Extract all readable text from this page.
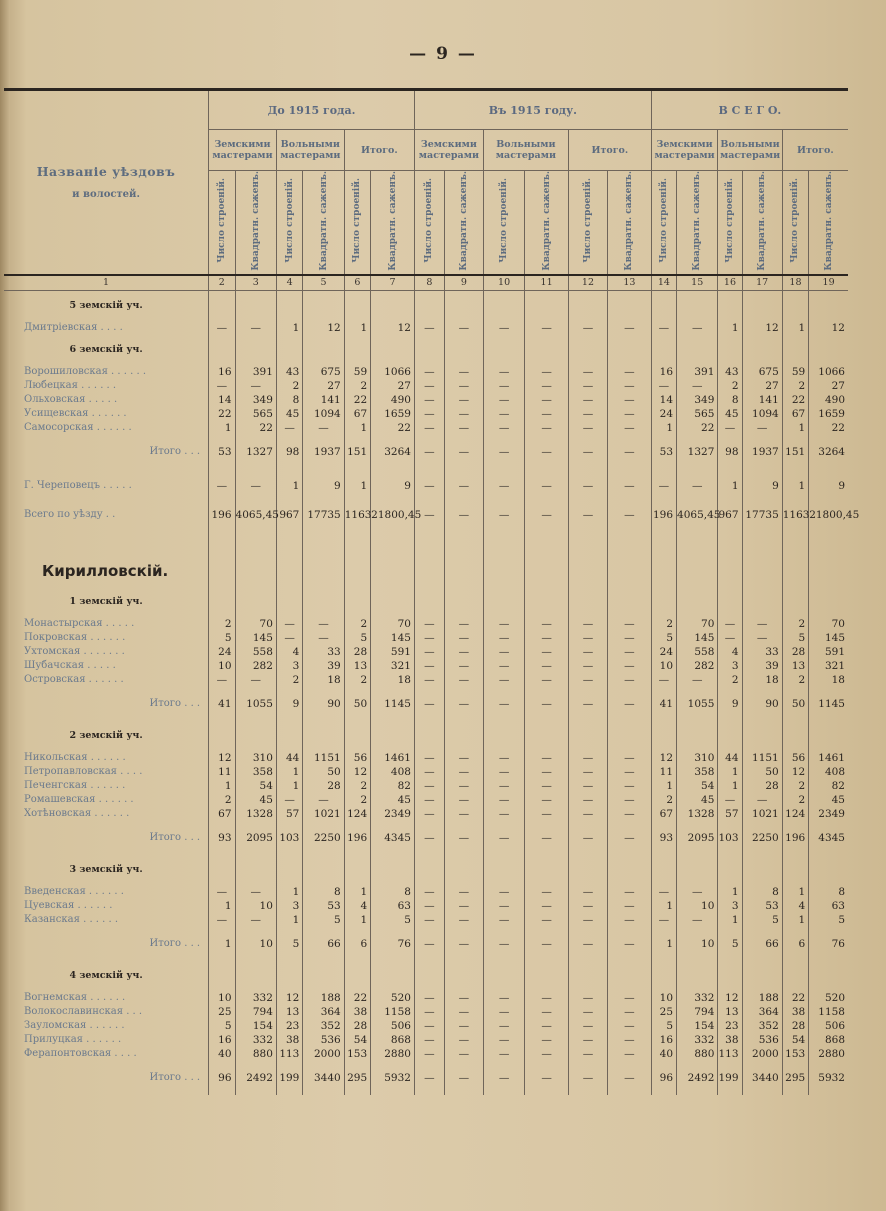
— 9 —
Названіе уѣздовъ
и волостей.	До 1915 года.						Въ 1915 году.						В С Е Г О.					
	Земскими мастерами		Вольными мастерами		Итого.		Земскими мастерами		Вольными мастерами		Итого.		Земскими мастерами		Вольными мастерами		Итого.	
	Число строеній.	Квадратн. саженъ.	Число строеній.	Квадратн. саженъ.	Число строеній.	Квадратн. саженъ.	Число строеній.	Квадратн. саженъ.	Число строеній.	Квадратн. саженъ.	Число строеній.	Квадратн. саженъ.	Число строеній.	Квадратн. саженъ.	Число строеній.	Квадратн. саженъ.	Число строеній.	Квадратн. саженъ.
1	2	3	4	5	6	7	8	9	10	11	12	13	14	15	16	17	18	19
5 земскій уч.																		
Дмитріевская . . . .	—	—	1	12	1	12	—	—	—	—	—	—	—	—	1	12	1	12
6 земскій уч.																		
Ворошиловская . . . . . .	16	391	43	675	59	1066	—	—	—	—	—	—	16	391	43	675	59	1066
Любецкая . . . . . .	—	—	2	27	2	27	—	—	—	—	—	—	—	—	2	27	2	27
Ольховская . . . . .	14	349	8	141	22	490	—	—	—	—	—	—	14	349	8	141	22	490
Усищевская . . . . . .	22	565	45	1094	67	1659	—	—	—	—	—	—	24	565	45	1094	67	1659
Самосорская . . . . . .	1	22	—	—	1	22	—	—	—	—	—	—	1	22	—	—	1	22
Итого . . .	53	1327	98	1937	151	3264	—	—	—	—	—	—	53	1327	98	1937	151	3264

Г. Череповецъ . . . . .	—	—	1	9	1	9	—	—	—	—	—	—	—	—	1	9	1	9

Всего по уѣзду . .	196	4065,45	967	17735	1163	21800,45	—	—	—	—	—	—	196	4065,45	967	17735	1163	21800,45
Кирилловскій.																		
1 земскій уч.																		
Монастырская . . . . .	2	70	—	—	2	70	—	—	—	—	—	—	2	70	—	—	2	70
Покровская . . . . . .	5	145	—	—	5	145	—	—	—	—	—	—	5	145	—	—	5	145
Ухтомская . . . . . . .	24	558	4	33	28	591	—	—	—	—	—	—	24	558	4	33	28	591
Шубачская . . . . .	10	282	3	39	13	321	—	—	—	—	—	—	10	282	3	39	13	321
Островская . . . . . .	—	—	2	18	2	18	—	—	—	—	—	—	—	—	2	18	2	18
Итого . . .	41	1055	9	90	50	1145	—	—	—	—	—	—	41	1055	9	90	50	1145
2 земскій уч.																		
Никольская . . . . . .	12	310	44	1151	56	1461	—	—	—	—	—	—	12	310	44	1151	56	1461
Петропавловская . . . .	11	358	1	50	12	408	—	—	—	—	—	—	11	358	1	50	12	408
Печенгская . . . . . .	1	54	1	28	2	82	—	—	—	—	—	—	1	54	1	28	2	82
Ромашевская . . . . . .	2	45	—	—	2	45	—	—	—	—	—	—	2	45	—	—	2	45
Хотѣновская . . . . . .	67	1328	57	1021	124	2349	—	—	—	—	—	—	67	1328	57	1021	124	2349
Итого . . .	93	2095	103	2250	196	4345	—	—	—	—	—	—	93	2095	103	2250	196	4345
3 земскій уч.																		
Введенская . . . . . .	—	—	1	8	1	8	—	—	—	—	—	—	—	—	1	8	1	8
Цуевская . . . . . .	1	10	3	53	4	63	—	—	—	—	—	—	1	10	3	53	4	63
Казанская . . . . . .	—	—	1	5	1	5	—	—	—	—	—	—	—	—	1	5	1	5
Итого . . .	1	10	5	66	6	76	—	—	—	—	—	—	1	10	5	66	6	76
4 земскій уч.																		
Вогнемская . . . . . .	10	332	12	188	22	520	—	—	—	—	—	—	10	332	12	188	22	520
Волокославинская . . .	25	794	13	364	38	1158	—	—	—	—	—	—	25	794	13	364	38	1158
Зауломская . . . . . .	5	154	23	352	28	506	—	—	—	—	—	—	5	154	23	352	28	506
Прилуцкая . . . . . .	16	332	38	536	54	868	—	—	—	—	—	—	16	332	38	536	54	868
Ферапонтовская . . . .	40	880	113	2000	153	2880	—	—	—	—	—	—	40	880	113	2000	153	2880
Итого . . .	96	2492	199	3440	295	5932	—	—	—	—	—	—	96	2492	199	3440	295	5932
